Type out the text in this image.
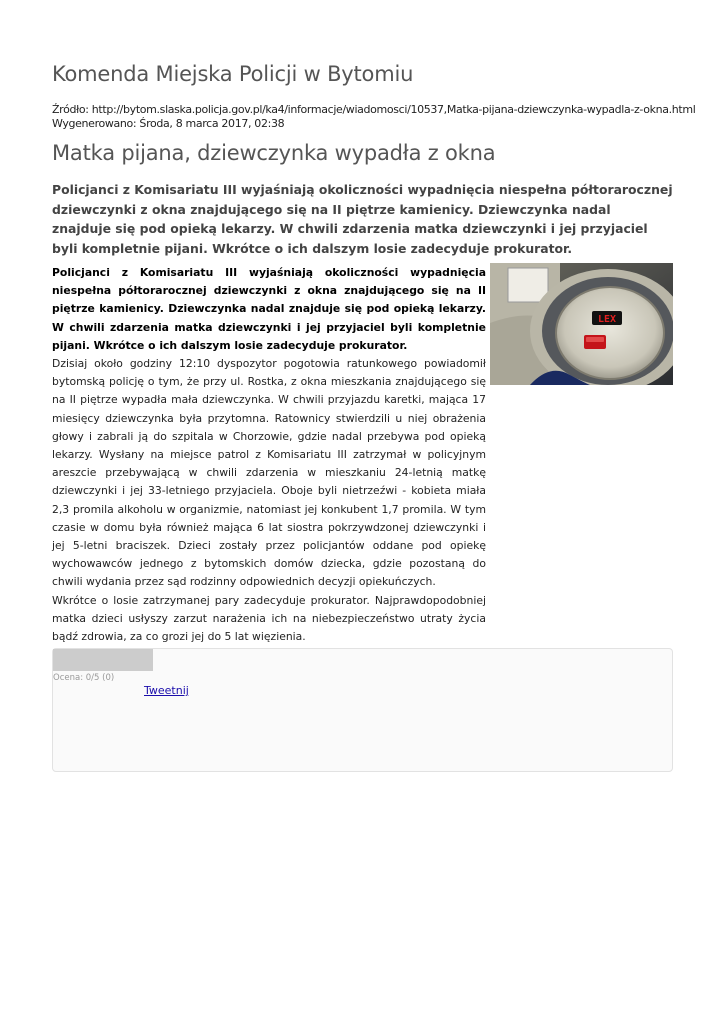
Komenda Miejska Policji w Bytomiu
Źródło: http://bytom.slaska.policja.gov.pl/ka4/informacje/wiadomosci/10537,Matka-pijana-dziewczynka-wypadla-z-okna.html
Wygenerowano: Środa, 8 marca 2017, 02:38
Matka pijana, dziewczynka wypadła z okna
Policjanci z Komisariatu III wyjaśniają okoliczności wypadnięcia niespełna półtorarocznej dziewczynki z okna znajdującego się na II piętrze kamienicy. Dziewczynka nadal znajduje się pod opieką lekarzy. W chwili zdarzenia matka dziewczynki i jej przyjaciel byli kompletnie pijani. Wkrótce o ich dalszym losie zadecyduje prokurator.

Policjanci z Komisariatu III wyjaśniają okoliczności wypadnięcia niespełna półtorarocznej dziewczynki z okna znajdującego się na II piętrze kamienicy. Dziewczynka nadal znajduje się pod opieką lekarzy. W chwili zdarzenia matka dziewczynki i jej przyjaciel byli kompletnie pijani. Wkrótce o ich dalszym losie zadecyduje prokurator.

Dzisiaj około godziny 12:10 dyspozytor pogotowia ratunkowego powiadomił bytomską policję o tym, że przy ul. Rostka, z okna mieszkania znajdującego się na II piętrze wypadła mała dziewczynka. W chwili przyjazdu karetki, mająca 17 miesięcy dziewczynka była przytomna. Ratownicy stwierdzili u niej obrażenia głowy i zabrali ją do szpitala w Chorzowie, gdzie nadal przebywa pod opieką lekarzy. Wysłany na miejsce patrol z Komisariatu III zatrzymał w policyjnym areszcie przebywającą w chwili zdarzenia w mieszkaniu 24-letnią matkę dziewczynki i jej 33-letniego przyjaciela. Oboje byli nietrzeźwi - kobieta miała 2,3 promila alkoholu w organizmie, natomiast jej konkubent 1,7 promila. W tym czasie w domu była również mająca 6 lat siostra pokrzywdzonej dziewczynki i jej 5-letni braciszek. Dzieci zostały przez policjantów oddane pod opiekę wychowawców jednego z bytomskich domów dziecka, gdzie pozostaną do chwili wydania przez sąd rodzinny odpowiednich decyzji opiekuńczych.

Wkrótce o losie zatrzymanej pary zadecyduje prokurator. Najprawdopodobniej matka dzieci usłyszy zarzut narażenia ich na niebezpieczeństwo utraty życia bądź zdrowia, za co grozi jej do 5 lat więzienia.

LEX
Ocena: 0/5 (0)
Tweetnij
